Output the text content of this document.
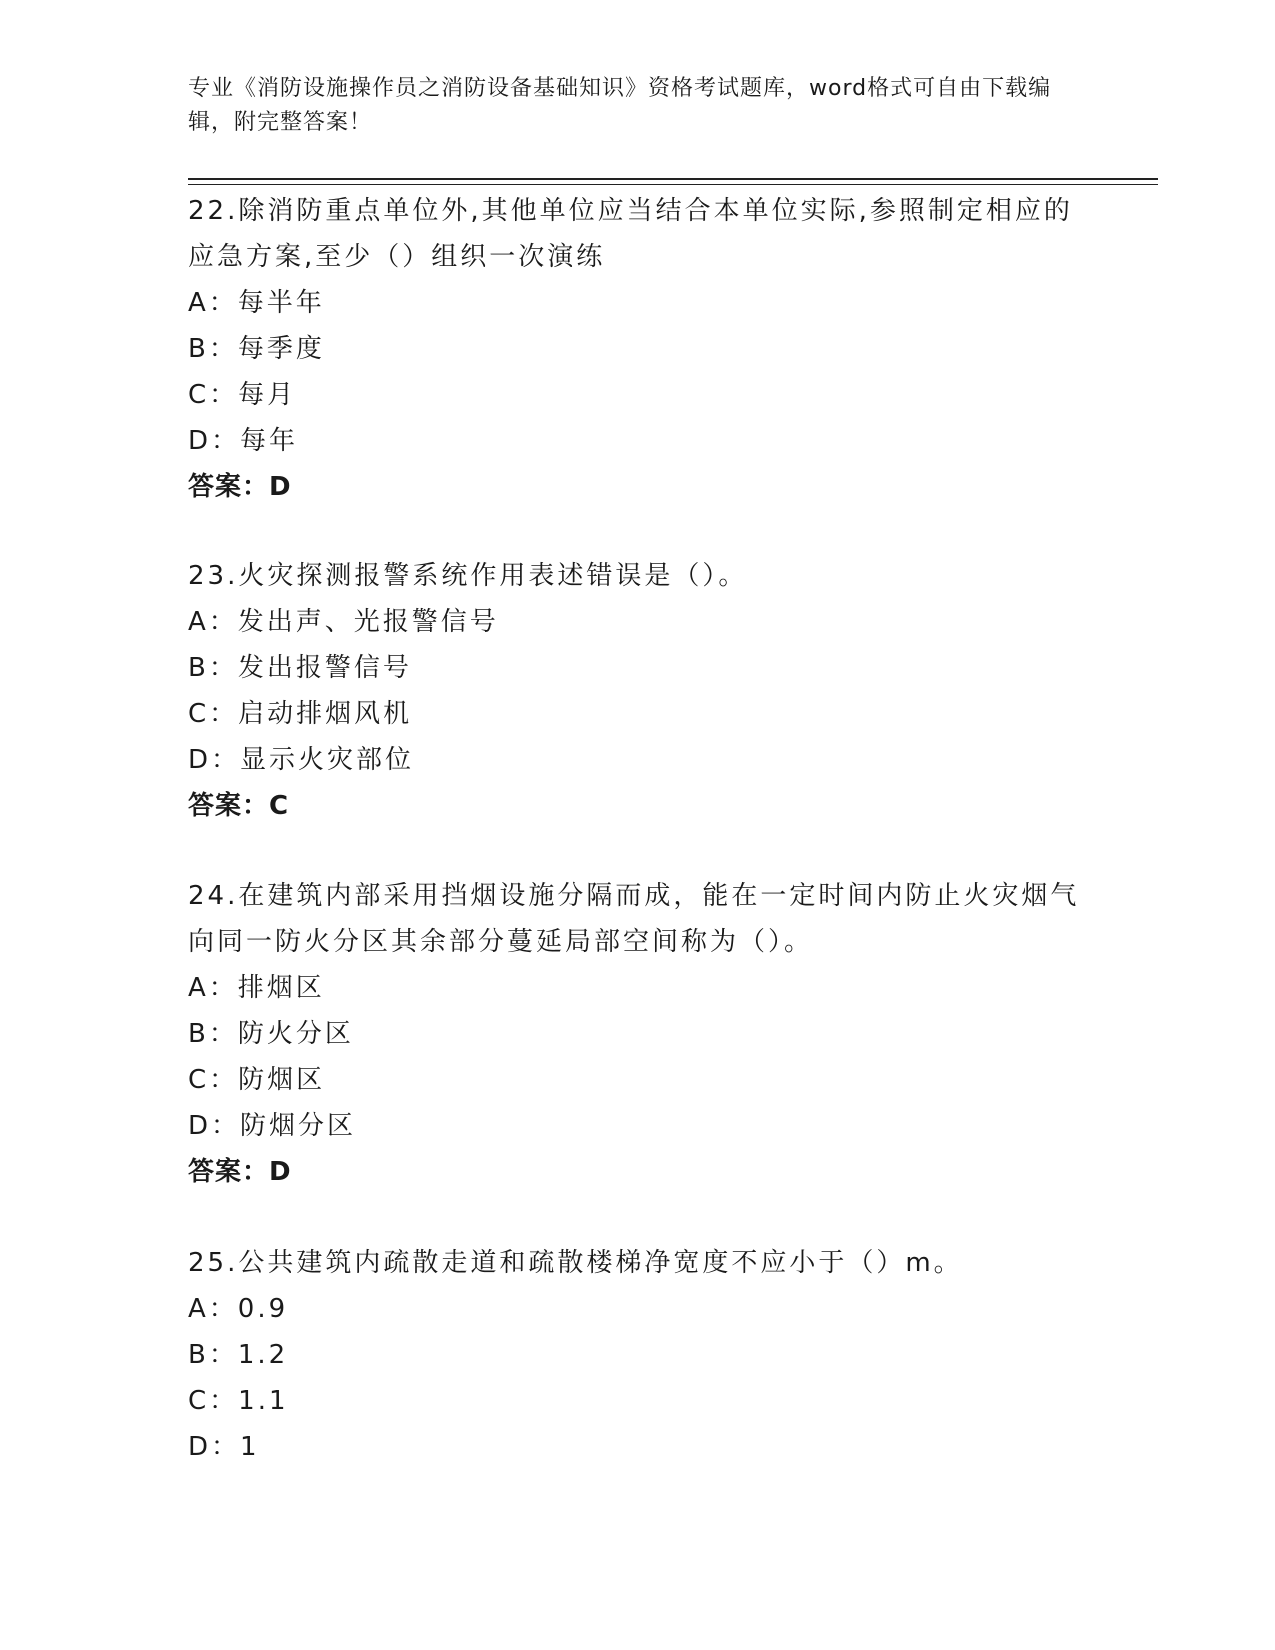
专业《消防设施操作员之消防设备基础知识》资格考试题库，word格式可自由下载编辑，附完整答案！
22.除消防重点单位外,其他单位应当结合本单位实际,参照制定相应的应急方案,至少（）组织一次演练
A：每半年
B：每季度
C：每月
D：每年
答案：D
23.火灾探测报警系统作用表述错误是（）。
A：发出声、光报警信号
B：发出报警信号
C：启动排烟风机
D：显示火灾部位
答案：C
24.在建筑内部采用挡烟设施分隔而成，能在一定时间内防止火灾烟气向同一防火分区其余部分蔓延局部空间称为（）。
A：排烟区
B：防火分区
C：防烟区
D：防烟分区
答案：D
25.公共建筑内疏散走道和疏散楼梯净宽度不应小于（）m。
A：0.9
B：1.2
C：1.1
D：1
